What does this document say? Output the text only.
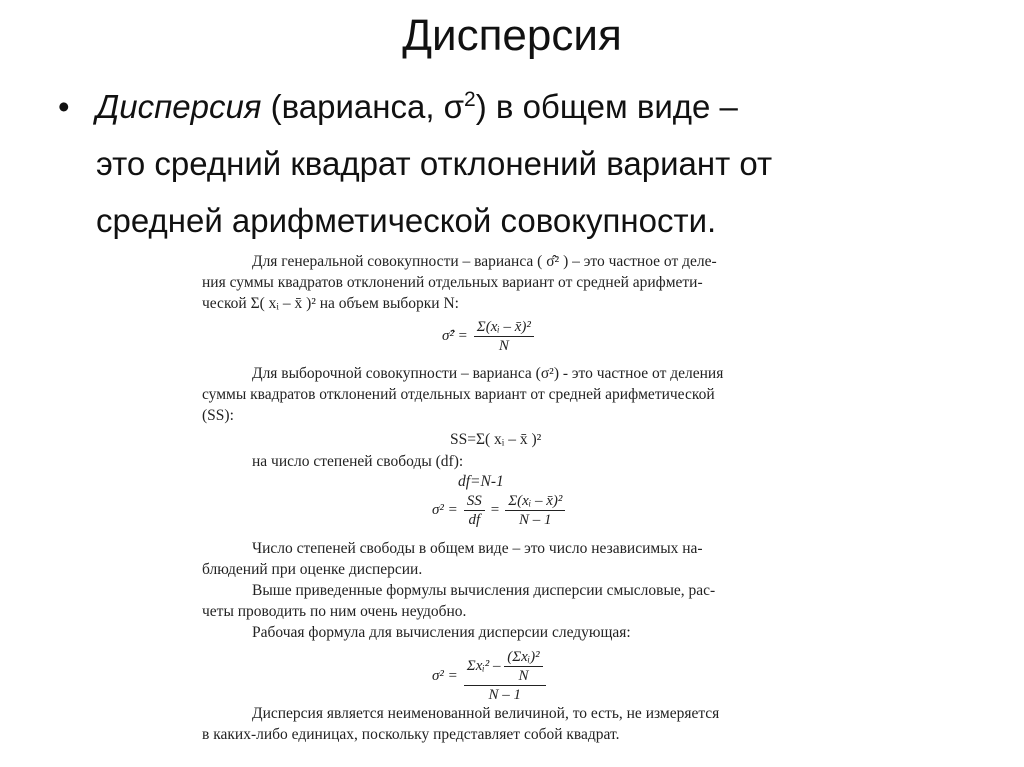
Дисперсия
• Дисперсия (варианса, $\sigma^2$) в общем виде –
это средний квадрат отклонений вариант от
средней арифметической совокупности.
Для генеральной совокупности – варианса ( σ̂² ) – это частное от деле-
ния суммы квадратов отклонений отдельных вариант от средней арифмети-
ческой Σ( xᵢ – x̄ )² на объем выборки N:
σ̂² = $\frac{\text{Σ(xᵢ – x̄)²}}{N}$
Для выборочной совокупности – варианса (σ²) - это частное от деления
суммы квадратов отклонений отдельных вариант от средней арифметической
(SS):
SS=Σ( xᵢ – x̄ )²
на число степеней свободы (df):
df=N-1
$\sigma^2 = \frac{SS}{df} = \frac{\text{Σ(xᵢ – x̄)²}}{N - 1}$
Число степеней свободы в общем виде – это число независимых на-
блюдений при оценке дисперсии.
Выше приведенные формулы вычисления дисперсии смысловые, рас-
четы проводить по ним очень неудобно.
Рабочая формула для вычисления дисперсии следующая:
$\sigma^2 = \frac{\Sigma xᵢ^2 - \frac{\text{(Σxᵢ)²}}{N}}{N - 1}$
Дисперсия является неименованной величиной, то есть, не измеряется
в каких-либо единицах, поскольку представляет собой квадрат.
